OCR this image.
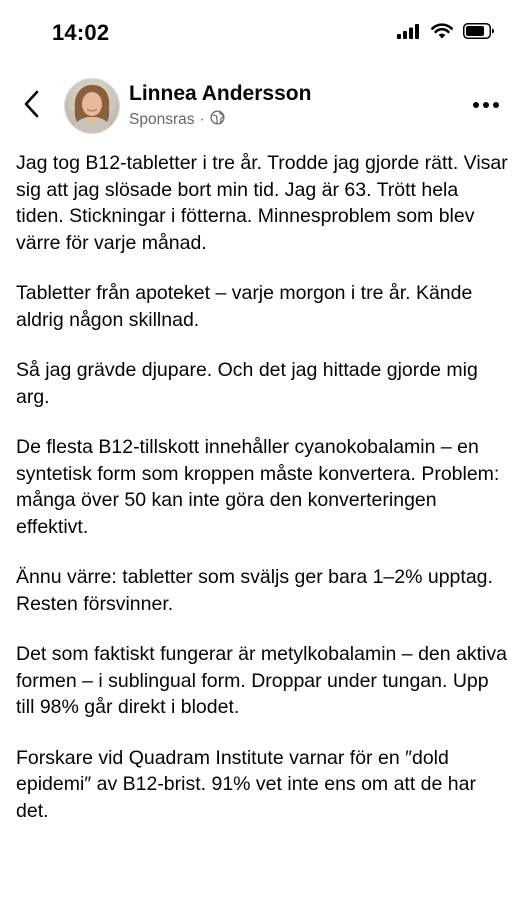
14:02
Linnea Andersson
Sponsras ·

Jag tog B12-tabletter i tre år. Trodde jag gjorde rätt. Visar sig att jag slösade bort min tid. Jag är 63. Trött hela tiden. Stickningar i fötterna. Minnesproblem som blev värre för varje månad.

Tabletter från apoteket – varje morgon i tre år. Kände aldrig någon skillnad.

Så jag grävde djupare. Och det jag hittade gjorde mig arg.

De flesta B12-tillskott innehåller cyanokobalamin – en syntetisk form som kroppen måste konvertera. Problem: många över 50 kan inte göra den konverteringen effektivt.

Ännu värre: tabletter som sväljs ger bara 1–2% upptag. Resten försvinner.

Det som faktiskt fungerar är metylkobalamin – den aktiva formen – i sublingual form. Droppar under tungan. Upp till 98% går direkt i blodet.

Forskare vid Quadram Institute varnar för en ″dold epidemi″ av B12-brist. 91% vet inte ens om att de har det.
